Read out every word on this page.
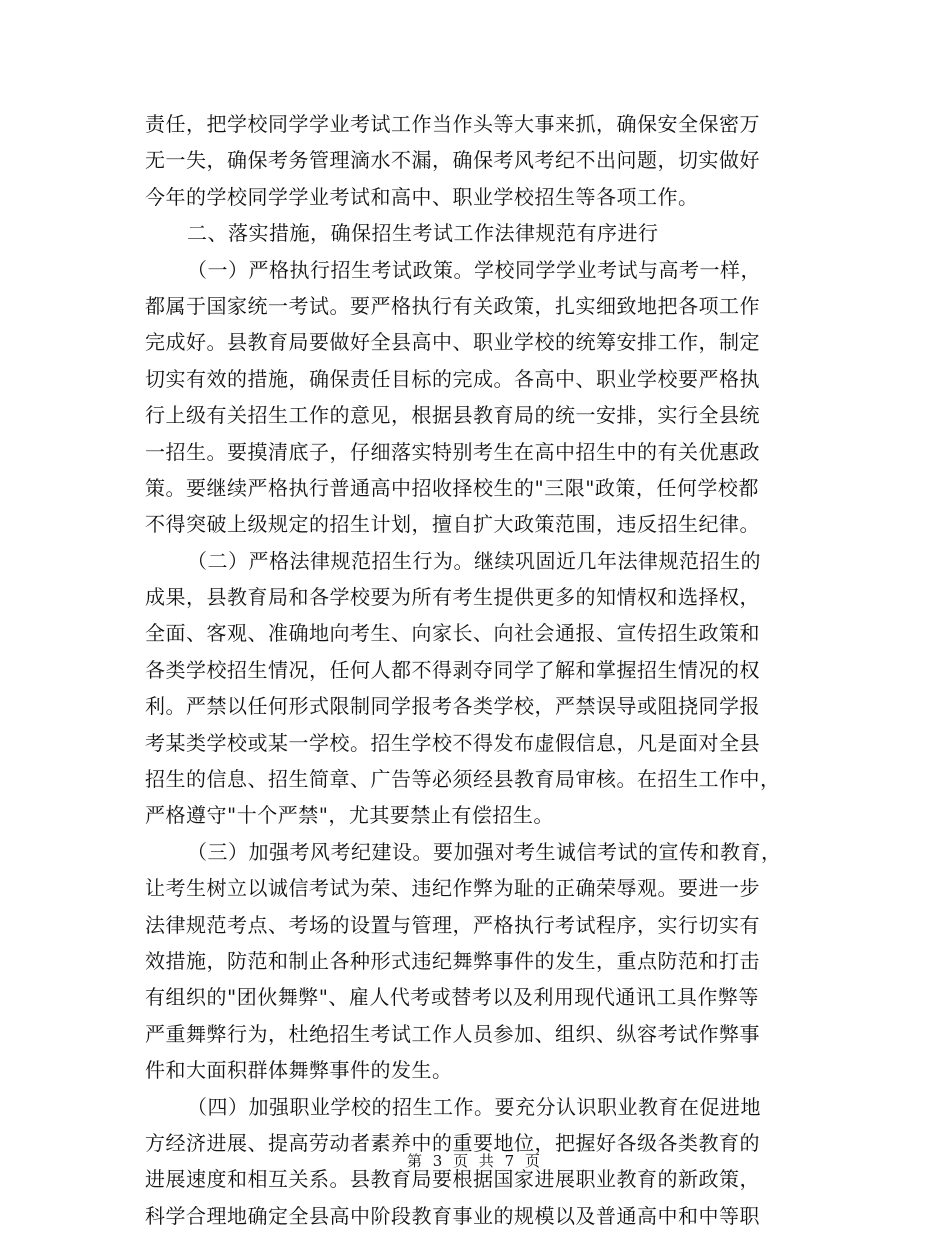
责任，把学校同学学业考试工作当作头等大事来抓，确保安全保密万
无一失，确保考务管理滴水不漏，确保考风考纪不出问题，切实做好
今年的学校同学学业考试和高中、职业学校招生等各项工作。
二、落实措施，确保招生考试工作法律规范有序进行
（一）严格执行招生考试政策。学校同学学业考试与高考一样，
都属于国家统一考试。要严格执行有关政策，扎实细致地把各项工作
完成好。县教育局要做好全县高中、职业学校的统筹安排工作，制定
切实有效的措施，确保责任目标的完成。各高中、职业学校要严格执
行上级有关招生工作的意见，根据县教育局的统一安排，实行全县统
一招生。要摸清底子，仔细落实特别考生在高中招生中的有关优惠政
策。要继续严格执行普通高中招收择校生的"三限"政策，任何学校都
不得突破上级规定的招生计划，擅自扩大政策范围，违反招生纪律。
（二）严格法律规范招生行为。继续巩固近几年法律规范招生的
成果，县教育局和各学校要为所有考生提供更多的知情权和选择权，
全面、客观、准确地向考生、向家长、向社会通报、宣传招生政策和
各类学校招生情况，任何人都不得剥夺同学了解和掌握招生情况的权
利。严禁以任何形式限制同学报考各类学校，严禁误导或阻挠同学报
考某类学校或某一学校。招生学校不得发布虚假信息，凡是面对全县
招生的信息、招生简章、广告等必须经县教育局审核。在招生工作中，
严格遵守"十个严禁"，尤其要禁止有偿招生。
（三）加强考风考纪建设。要加强对考生诚信考试的宣传和教育，
让考生树立以诚信考试为荣、违纪作弊为耻的正确荣辱观。要进一步
法律规范考点、考场的设置与管理，严格执行考试程序，实行切实有
效措施，防范和制止各种形式违纪舞弊事件的发生，重点防范和打击
有组织的"团伙舞弊"、雇人代考或替考以及利用现代通讯工具作弊等
严重舞弊行为，杜绝招生考试工作人员参加、组织、纵容考试作弊事
件和大面积群体舞弊事件的发生。
（四）加强职业学校的招生工作。要充分认识职业教育在促进地
方经济进展、提高劳动者素养中的重要地位，把握好各级各类教育的
进展速度和相互关系。县教育局要根据国家进展职业教育的新政策，
科学合理地确定全县高中阶段教育事业的规模以及普通高中和中等职
第 3 页 共 7 页
